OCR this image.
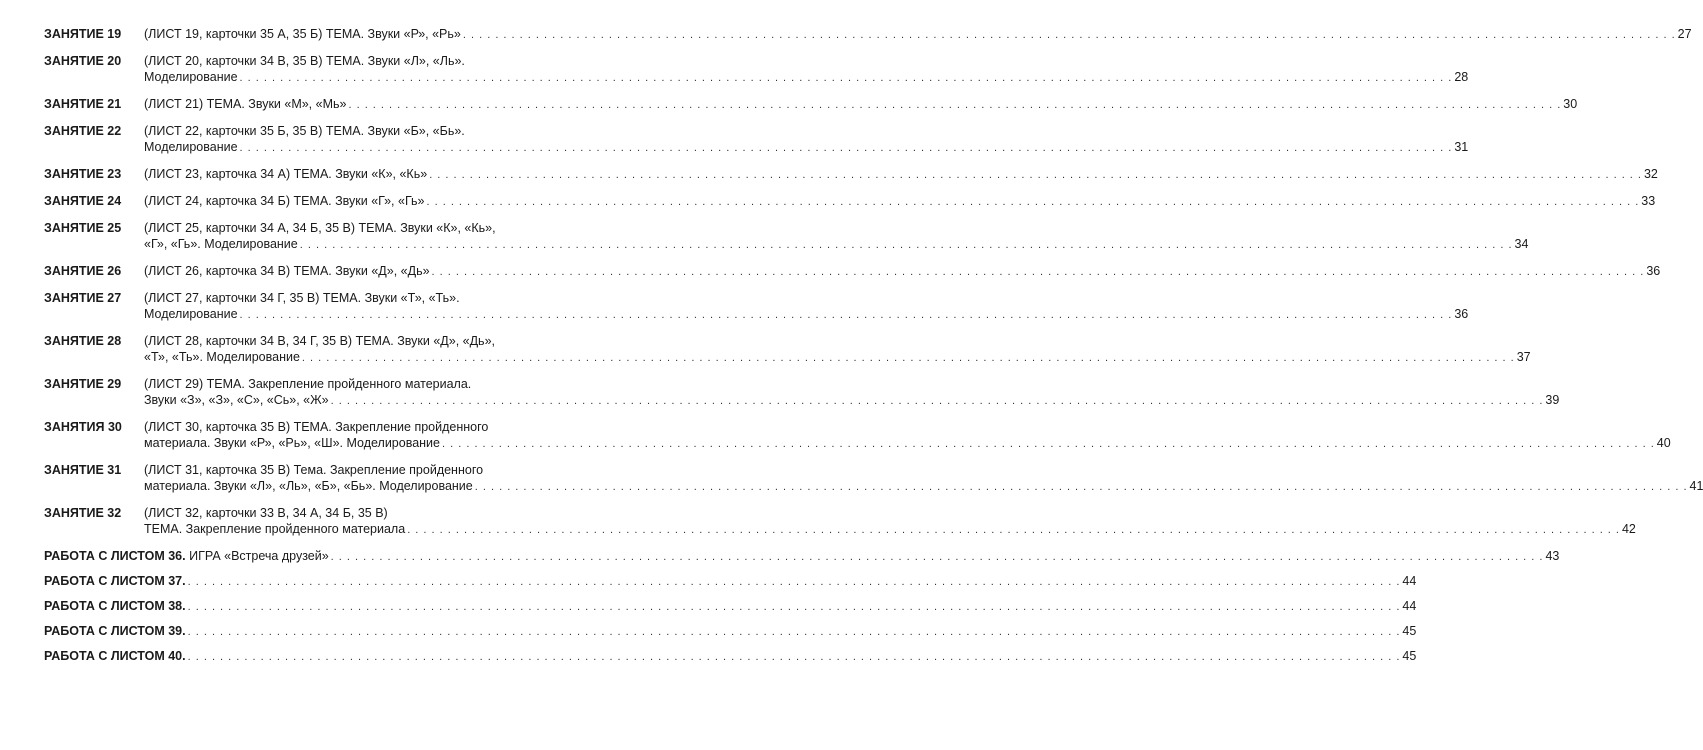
ЗАНЯТИЕ 19	(ЛИСТ 19, карточки 35 А, 35 Б) ТЕМА. Звуки «Р», «Рь» . . .	27
ЗАНЯТИЕ 20	(ЛИСТ 20, карточки 34 В, 35 В) ТЕМА. Звуки «Л», «Ль».
Моделирование . . .	28
ЗАНЯТИЕ 21	(ЛИСТ 21) ТЕМА. Звуки «М», «Мь» . . .	30
ЗАНЯТИЕ 22	(ЛИСТ 22, карточки 35 Б, 35 В) ТЕМА. Звуки «Б», «Бь».
Моделирование . . .	31
ЗАНЯТИЕ 23	(ЛИСТ 23, карточка 34 А) ТЕМА. Звуки «К», «Кь» . . .	32
ЗАНЯТИЕ 24	(ЛИСТ 24, карточка 34 Б) ТЕМА. Звуки «Г», «Гь» . . .	33
ЗАНЯТИЕ 25	(ЛИСТ 25, карточки 34 А, 34 Б, 35 В) ТЕМА. Звуки «К», «Кь»,
«Г», «Гь». Моделирование . . .	34
ЗАНЯТИЕ 26	(ЛИСТ 26, карточка 34 В) ТЕМА. Звуки «Д», «Дь» . . .	36
ЗАНЯТИЕ 27	(ЛИСТ 27, карточки 34 Г, 35 В) ТЕМА. Звуки «Т», «Ть».
Моделирование . . .	36
ЗАНЯТИЕ 28	(ЛИСТ 28, карточки 34 В, 34 Г, 35 В) ТЕМА. Звуки «Д», «Дь»,
«Т», «Ть». Моделирование . . .	37
ЗАНЯТИЕ 29	(ЛИСТ 29) ТЕМА. Закрепление пройденного материала.
Звуки «З», «З», «С», «Сь», «Ж» . . .	39
ЗАНЯТИЯ 30	(ЛИСТ 30, карточка 35 В) ТЕМА. Закрепление пройденного
материала. Звуки «Р», «Рь», «Ш». Моделирование . . .	40
ЗАНЯТИЕ 31	(ЛИСТ 31, карточка 35 В) Тема. Закрепление пройденного
материала. Звуки «Л», «Ль», «Б», «Бь». Моделирование . . .	41
ЗАНЯТИЕ 32	(ЛИСТ 32, карточки 33 В, 34 А, 34 Б, 35 В)
ТЕМА. Закрепление пройденного материала . . .	42
РАБОТА С ЛИСТОМ 36. ИГРА «Встреча друзей» . . .	43
РАБОТА С ЛИСТОМ 37. . . .	44
РАБОТА С ЛИСТОМ 38. . . .	44
РАБОТА С ЛИСТОМ 39. . . .	45
РАБОТА С ЛИСТОМ 40. . . .	45
